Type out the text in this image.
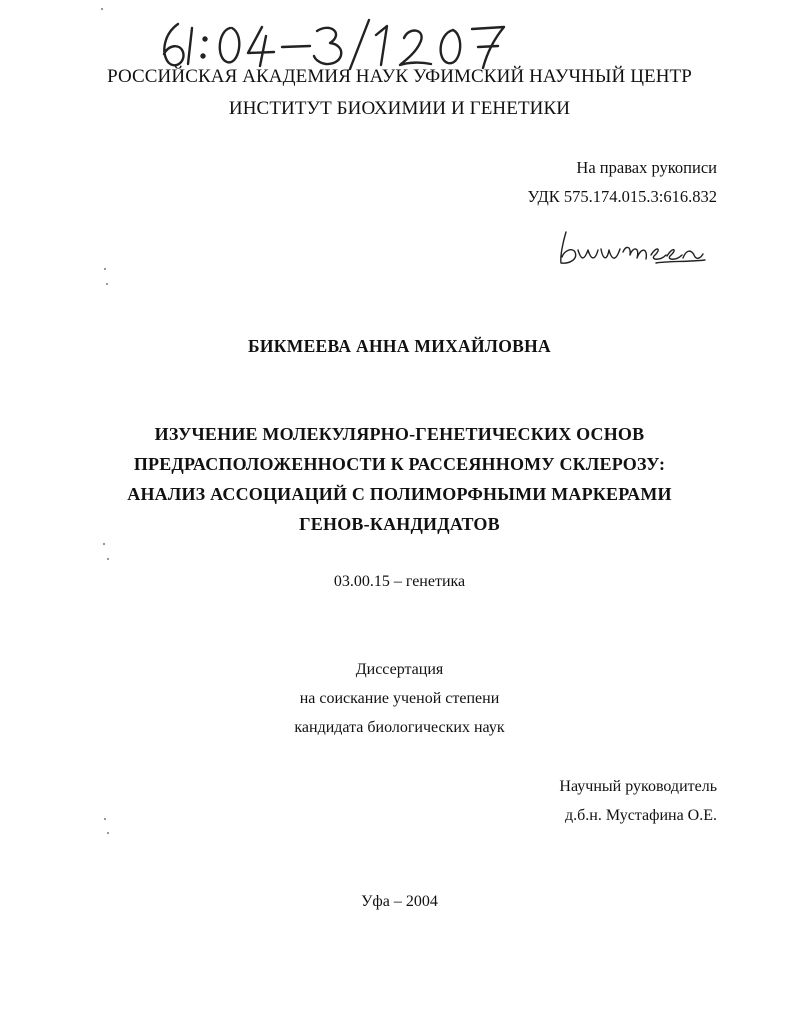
РОССИЙСКАЯ АКАДЕМИЯ НАУК УФИМСКИЙ НАУЧНЫЙ ЦЕНТР
ИНСТИТУТ БИОХИМИИ И ГЕНЕТИКИ
На правах рукописи
УДК 575.174.015.3:616.832
БИКМЕЕВА АННА МИХАЙЛОВНА
ИЗУЧЕНИЕ МОЛЕКУЛЯРНО-ГЕНЕТИЧЕСКИХ ОСНОВ
ПРЕДРАСПОЛОЖЕННОСТИ К РАССЕЯННОМУ СКЛЕРОЗУ:
АНАЛИЗ АССОЦИАЦИЙ С ПОЛИМОРФНЫМИ МАРКЕРАМИ
ГЕНОВ-КАНДИДАТОВ
03.00.15 – генетика
Диссертация
на соискание ученой степени
кандидата биологических наук
Научный руководитель
д.б.н. Мустафина О.Е.
Уфа – 2004
